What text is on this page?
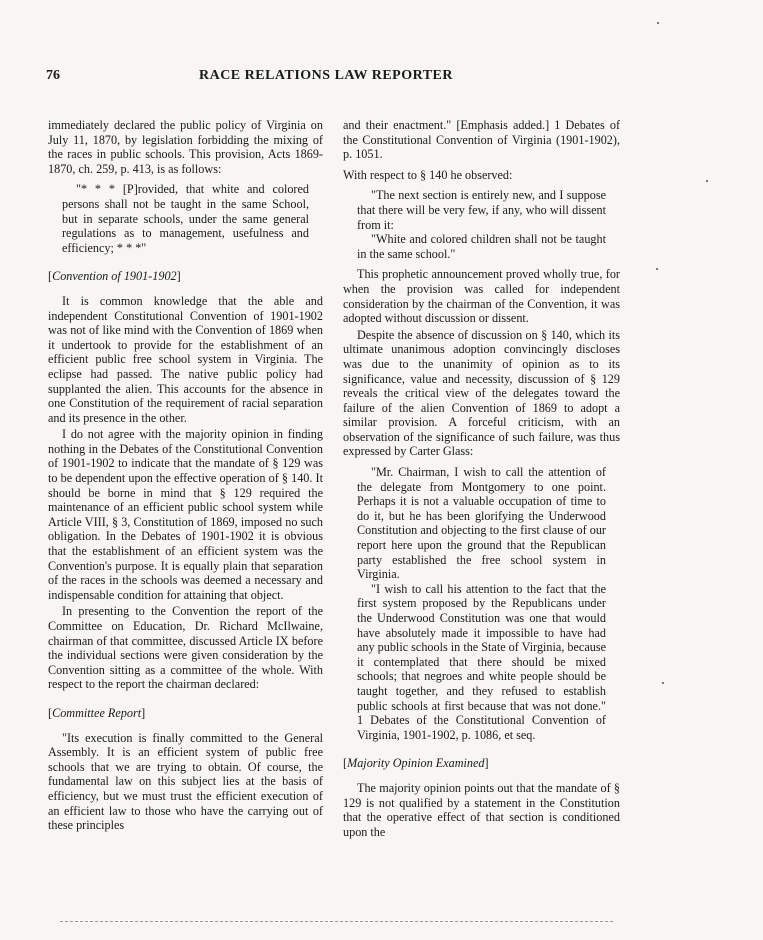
76	RACE RELATIONS LAW REPORTER

immediately declared the public policy of Virginia on July 11, 1870, by legislation forbidding the mixing of the races in public schools. This provision, Acts 1869-1870, ch. 259, p. 413, is as follows:

"* * * [P]rovided, that white and colored persons shall not be taught in the same School, but in separate schools, under the same general regulations as to management, usefulness and efficiency; * * *"

[Convention of 1901-1902]

It is common knowledge that the able and independent Constitutional Convention of 1901-1902 was not of like mind with the Convention of 1869 when it undertook to provide for the establishment of an efficient public free school system in Virginia. The eclipse had passed. The native public policy had supplanted the alien. This accounts for the absence in one Constitution of the requirement of racial separation and its presence in the other.

I do not agree with the majority opinion in finding nothing in the Debates of the Constitutional Convention of 1901-1902 to indicate that the mandate of § 129 was to be dependent upon the effective operation of § 140. It should be borne in mind that § 129 required the maintenance of an efficient public school system while Article VIII, § 3, Constitution of 1869, imposed no such obligation. In the Debates of 1901-1902 it is obvious that the establishment of an efficient system was the Convention's purpose. It is equally plain that separation of the races in the schools was deemed a necessary and indispensable condition for attaining that object.

In presenting to the Convention the report of the Committee on Education, Dr. Richard McIlwaine, chairman of that committee, discussed Article IX before the individual sections were given consideration by the Convention sitting as a committee of the whole. With respect to the report the chairman declared:

[Committee Report]

"Its execution is finally committed to the General Assembly. It is an efficient system of public free schools that we are trying to obtain. Of course, the fundamental law on this subject lies at the basis of efficiency, but we must trust the efficient execution of an efficient law to those who have the carrying out of these principles

and their enactment." [Emphasis added.] 1 Debates of the Constitutional Convention of Virginia (1901-1902), p. 1051.

With respect to § 140 he observed:

"The next section is entirely new, and I suppose that there will be very few, if any, who will dissent from it:

"White and colored children shall not be taught in the same school."

This prophetic announcement proved wholly true, for when the provision was called for independent consideration by the chairman of the Convention, it was adopted without discussion or dissent.

Despite the absence of discussion on § 140, which its ultimate unanimous adoption convincingly discloses was due to the unanimity of opinion as to its significance, value and necessity, discussion of § 129 reveals the critical view of the delegates toward the failure of the alien Convention of 1869 to adopt a similar provision. A forceful criticism, with an observation of the significance of such failure, was thus expressed by Carter Glass:

"Mr. Chairman, I wish to call the attention of the delegate from Montgomery to one point. Perhaps it is not a valuable occupation of time to do it, but he has been glorifying the Underwood Constitution and objecting to the first clause of our report here upon the ground that the Republican party established the free school system in Virginia.

"I wish to call his attention to the fact that the first system proposed by the Republicans under the Underwood Constitution was one that would have absolutely made it impossible to have had any public schools in the State of Virginia, because it contemplated that there should be mixed schools; that negroes and white people should be taught together, and they refused to establish public schools at first because that was not done." 1 Debates of the Constitutional Convention of Virginia, 1901-1902, p. 1086, et seq.

[Majority Opinion Examined]

The majority opinion points out that the mandate of § 129 is not qualified by a statement in the Constitution that the operative effect of that section is conditioned upon the
